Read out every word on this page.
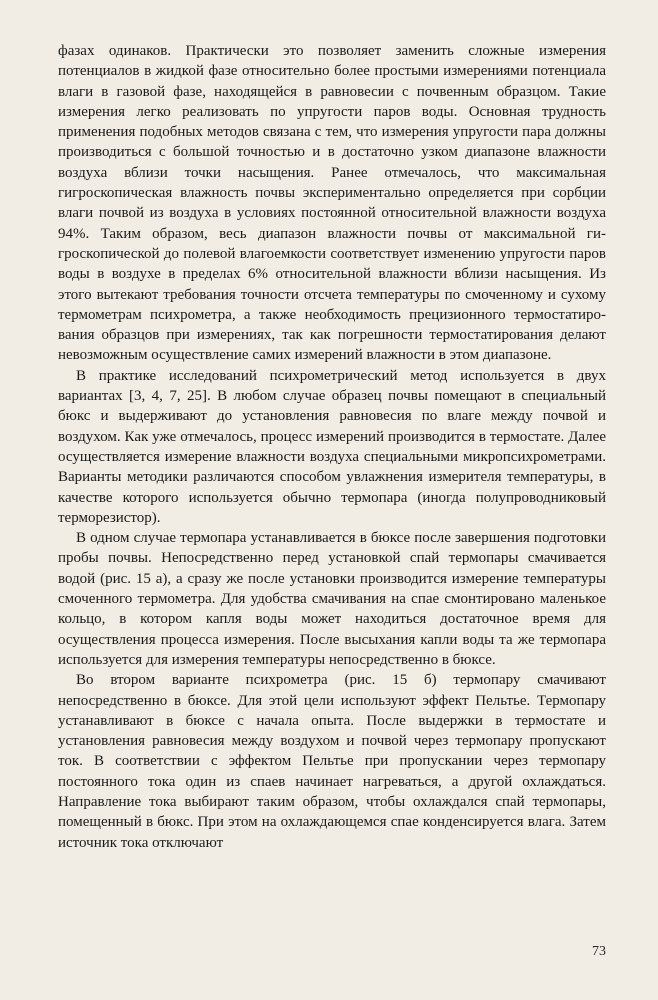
фазах одинаков. Практически это позволяет заменить сложные измерения потенциалов в жидкой фазе относительно более простыми измерениями потенциала влаги в газовой фазе, находящейся в равновесии с почвенным образцом. Такие измерения легко реализовать по упругости паров воды. Основная трудность применения подобных методов связана с тем, что измерения упругости пара должны производиться с большой точностью и в достаточно узком диапазоне влажности воздуха вблизи точки насыщения. Ранее отмечалось, что максимальная гигроскопическая влажность почвы экспериментально определяется при сорбции влаги почвой из воздуха в условиях постоянной относительной влажности воздуха 94%. Таким образом, весь диапазон влажности почвы от максимальной гигроскопической до полевой влагоемкости соответствует изменению упругости паров воды в воздухе в пределах 6% относительной влажности вблизи насыщения. Из этого вытекают требования точности отсчета температуры по смоченному и сухому термометрам психрометра, а также необходимость прецизионного термостатирования образцов при измерениях, так как погрешности термостатирования делают невозможным осуществление самих измерений влажности в этом диапазоне.

В практике исследований психрометрический метод используется в двух вариантах [3, 4, 7, 25]. В любом случае образец почвы помещают в специальный бюкс и выдерживают до установления равновесия по влаге между почвой и воздухом. Как уже отмечалось, процесс измерений производится в термостате. Далее осуществляется измерение влажности воздуха специальными микропсихрометрами. Варианты методики различаются способом увлажнения измерителя температуры, в качестве которого используется обычно термопара (иногда полупроводниковый терморезистор).

В одном случае термопара устанавливается в бюксе после завершения подготовки пробы почвы. Непосредственно перед установкой спай термопары смачивается водой (рис. 15 а), а сразу же после установки производится измерение температуры смоченного термометра. Для удобства смачивания на спае смонтировано маленькое кольцо, в котором капля воды может находиться достаточное время для осуществления процесса измерения. После высыхания капли воды та же термопара используется для измерения температуры непосредственно в бюксе.

Во втором варианте психрометра (рис. 15 б) термопару смачивают непосредственно в бюксе. Для этой цели используют эффект Пельтье. Термопару устанавливают в бюксе с начала опыта. После выдержки в термостате и установления равновесия между воздухом и почвой через термопару пропускают ток. В соответствии с эффектом Пельтье при пропускании через термопару постоянного тока один из спаев начинает нагреваться, а другой охлаждаться. Направление тока выбирают таким образом, чтобы охлаждался спай термопары, помещенный в бюкс. При этом на охлаждающемся спае конденсируется влага. Затем источник тока отключают

73
